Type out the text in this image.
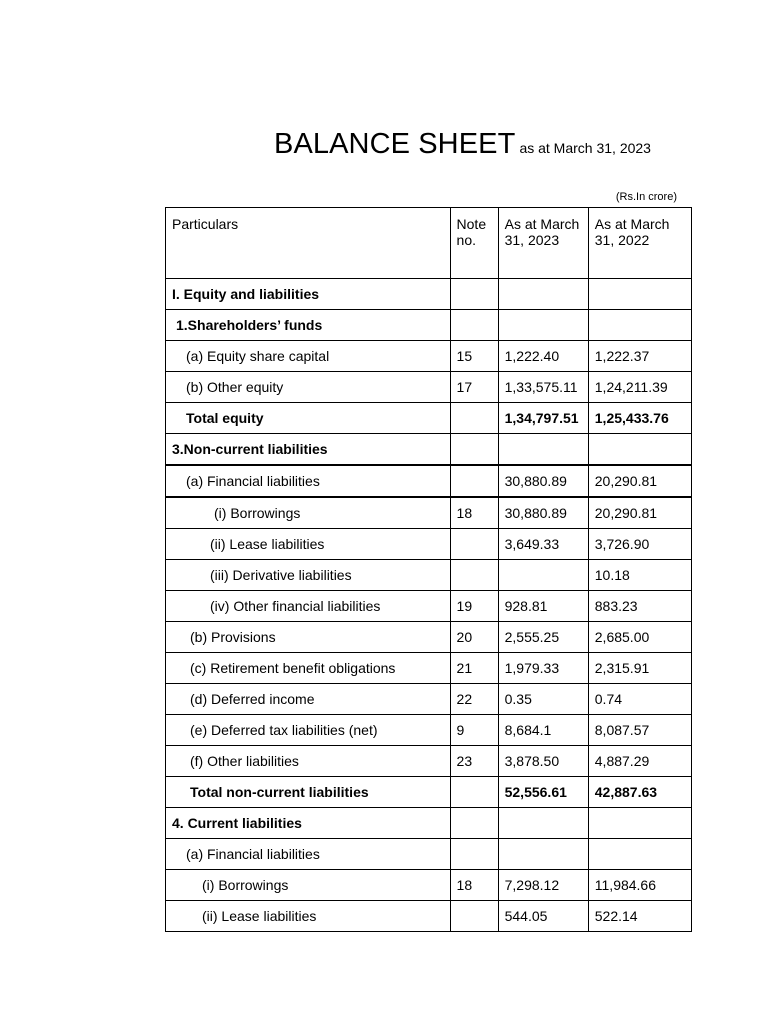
BALANCE SHEET as at March 31, 2023
(Rs.In crore)
Particulars	Note no.	As at March 31, 2023	As at March 31, 2022
I. Equity and liabilities			
1.Shareholders’ funds			
(a) Equity share capital	15	1,222.40	1,222.37
(b) Other equity	17	1,33,575.11	1,24,211.39
Total equity		1,34,797.51	1,25,433.76
3.Non-current liabilities			
(a) Financial liabilities		30,880.89	20,290.81
(i) Borrowings	18	30,880.89	20,290.81
(ii) Lease liabilities		3,649.33	3,726.90
(iii) Derivative liabilities			10.18
(iv) Other financial liabilities	19	928.81	883.23
(b) Provisions	20	2,555.25	2,685.00
(c) Retirement benefit obligations	21	1,979.33	2,315.91
(d) Deferred income	22	0.35	0.74
(e) Deferred tax liabilities (net)	9	8,684.1	8,087.57
(f) Other liabilities	23	3,878.50	4,887.29
Total non-current liabilities		52,556.61	42,887.63
4. Current liabilities			
(a) Financial liabilities			
(i) Borrowings	18	7,298.12	11,984.66
(ii) Lease liabilities		544.05	522.14
